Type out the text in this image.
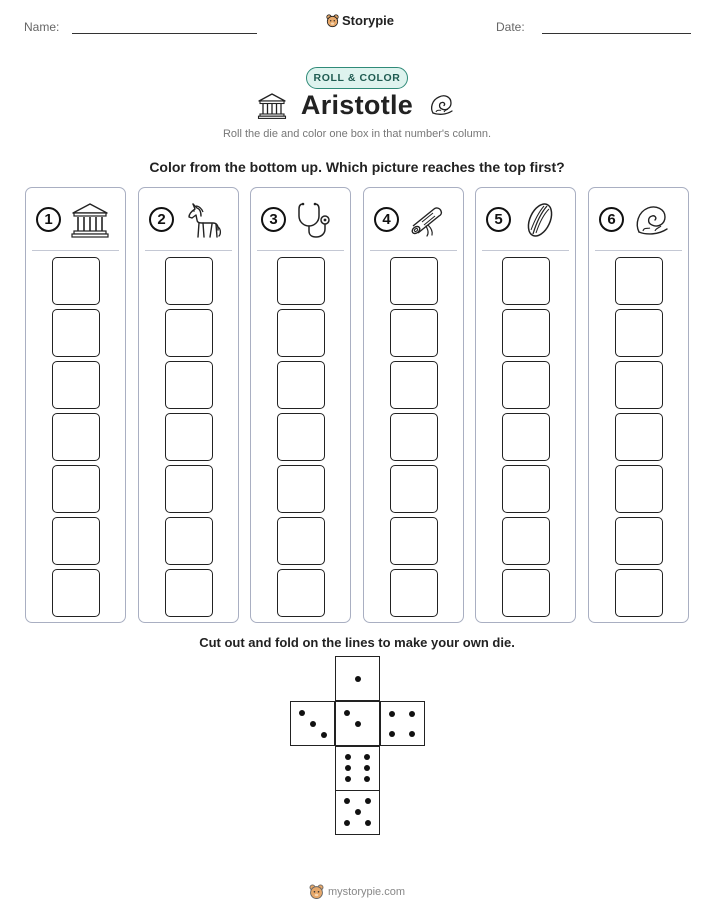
Name:	Storypie	Date:
ROLL & COLOR
Aristotle
Roll the die and color one box in that number's column.
Color from the bottom up. Which picture reaches the top first?
1	2	3	4	5	6
Cut out and fold on the lines to make your own die.
mystorypie.com
